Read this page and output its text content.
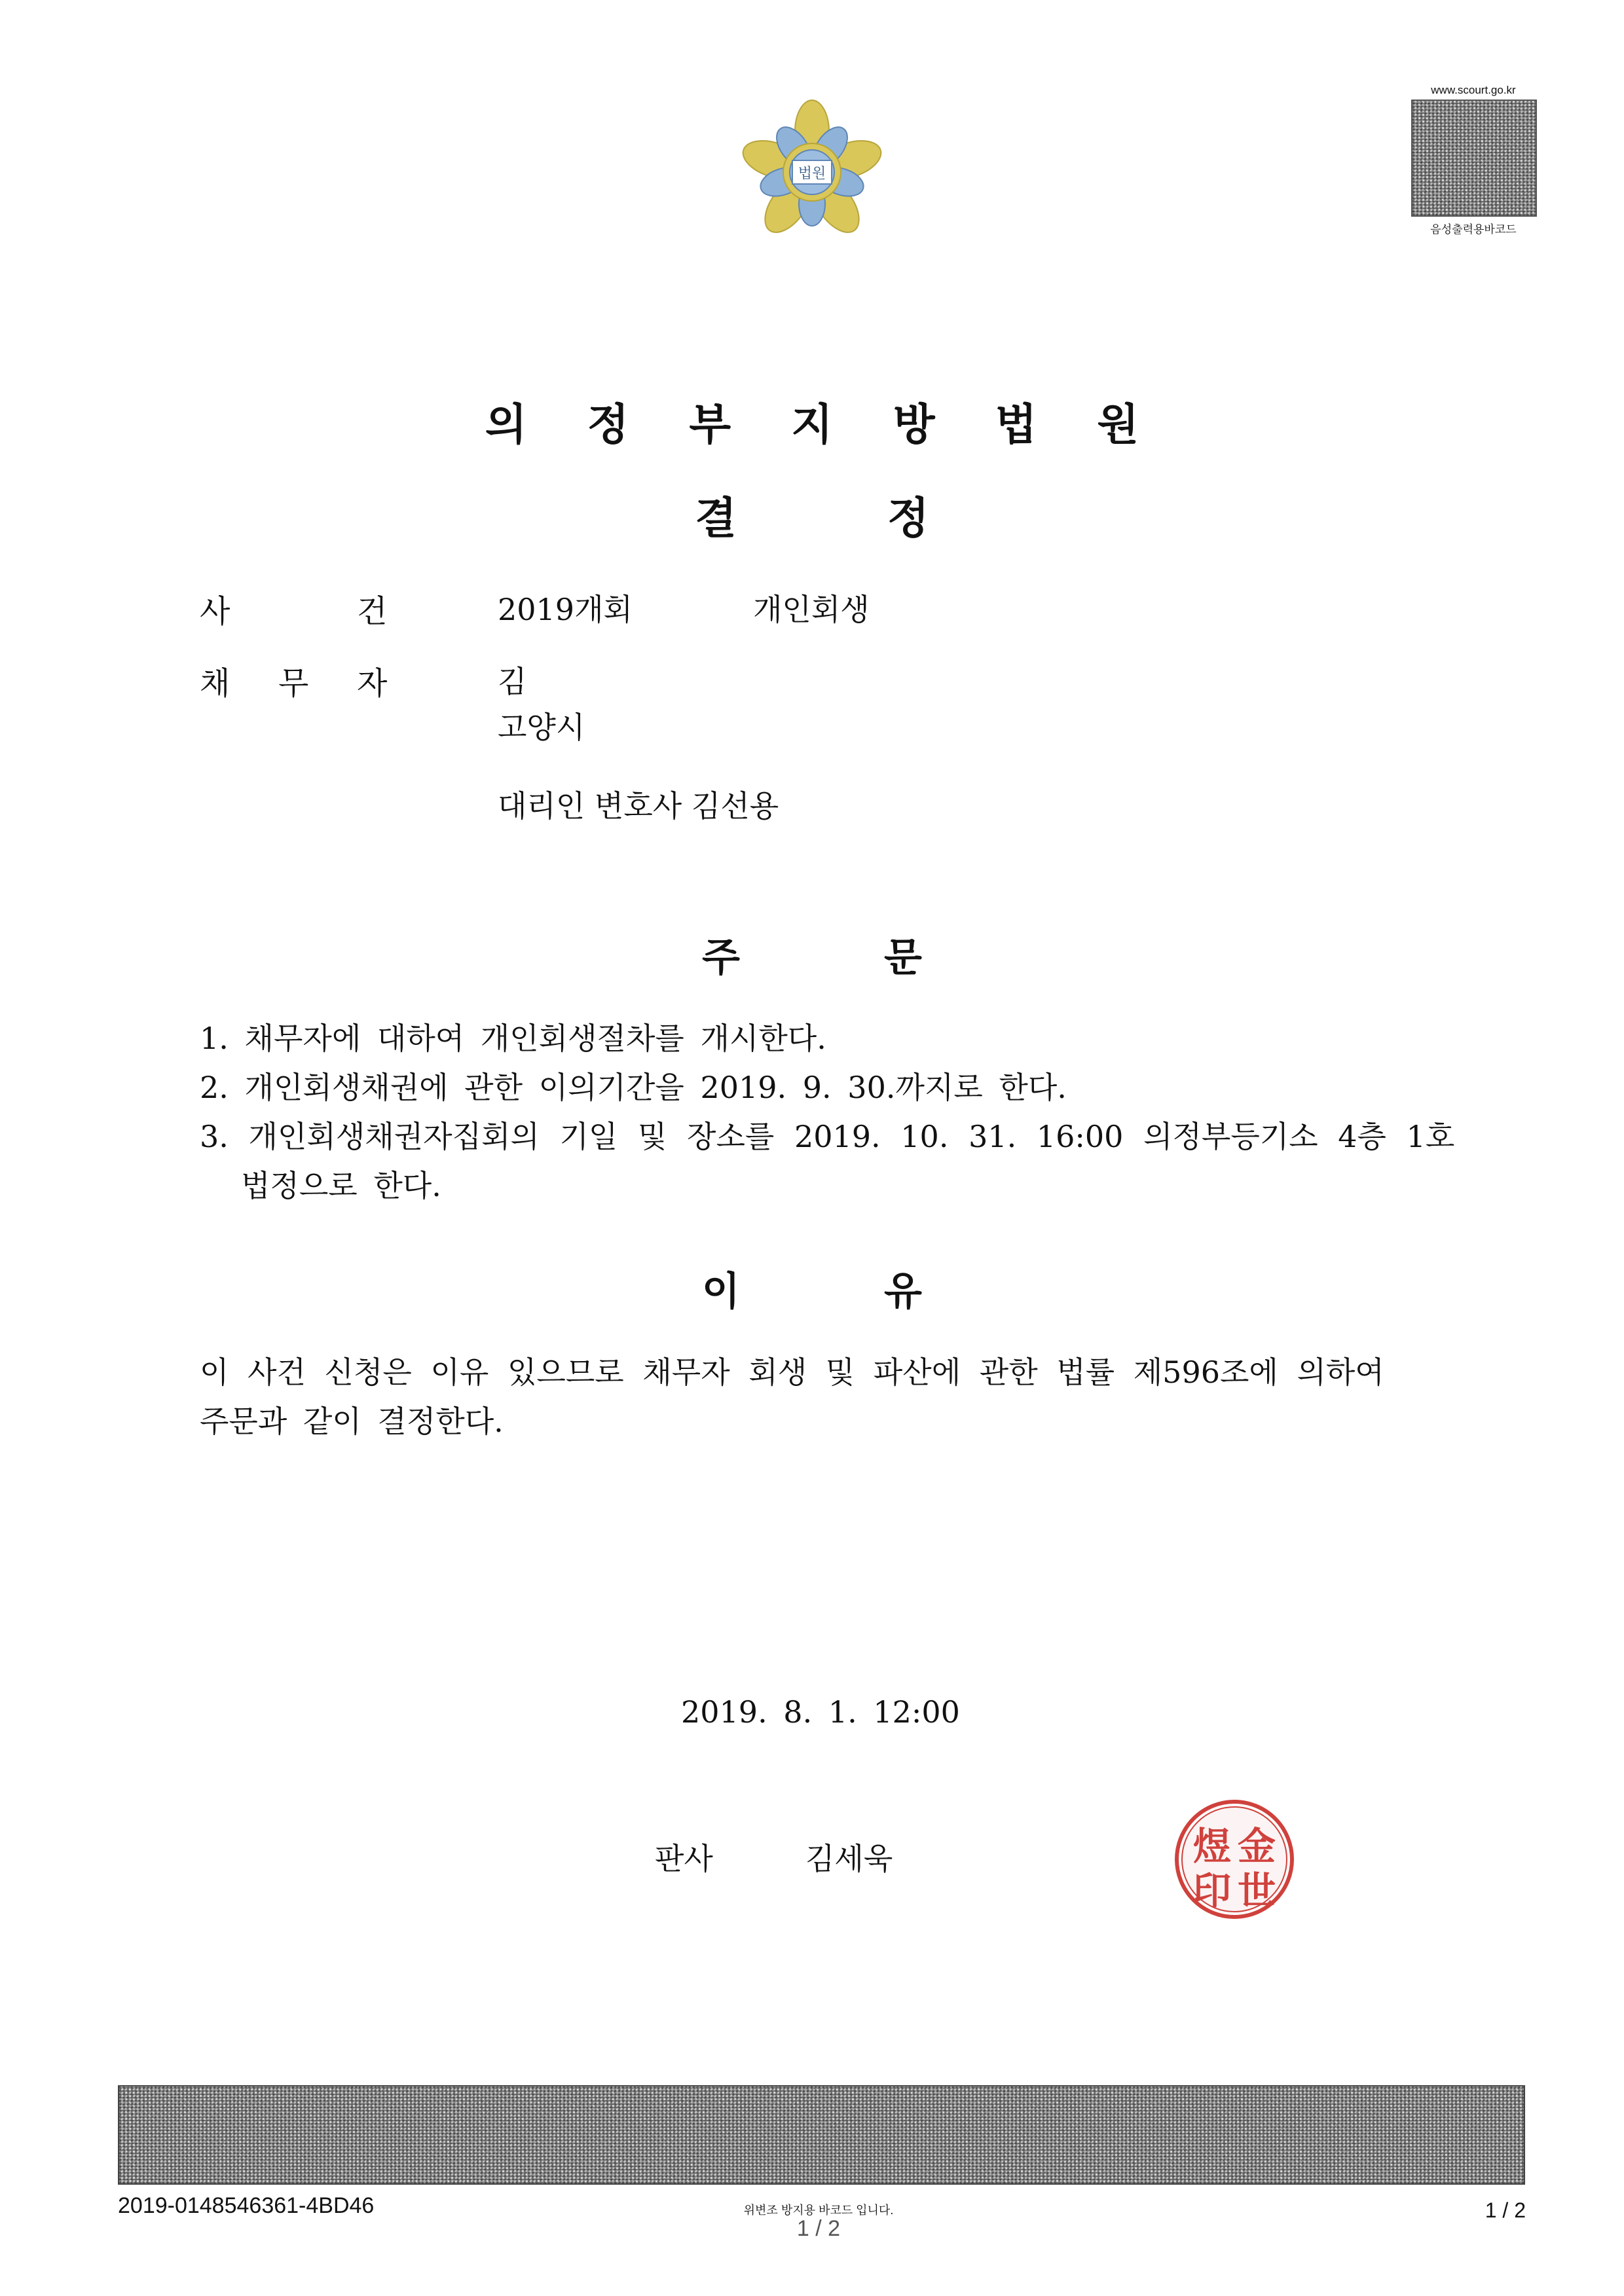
www.scourt.go.kr
음성출력용바코드
법원
의 정 부 지 방 법 원
결	정
사	건	2019개회	개인회생
채 무 자	김
고양시
대리인 변호사 김선용
주	문
1. 채무자에 대하여 개인회생절차를 개시한다.
2. 개인회생채권에 관한 이의기간을 2019. 9. 30.까지로 한다.
3. 개인회생채권자집회의 기일 및 장소를 2019. 10. 31. 16:00 의정부등기소 4층 1호
법정으로 한다.
이	유
이 사건 신청은 이유 있으므로 채무자 회생 및 파산에 관한 법률 제596조에 의하여
주문과 같이 결정한다.
2019. 8. 1. 12:00
판사	김세욱	金
世
煜
印
2019-0148546361-4BD46	위변조 방지용 바코드 입니다.
1 / 2
1 / 2
